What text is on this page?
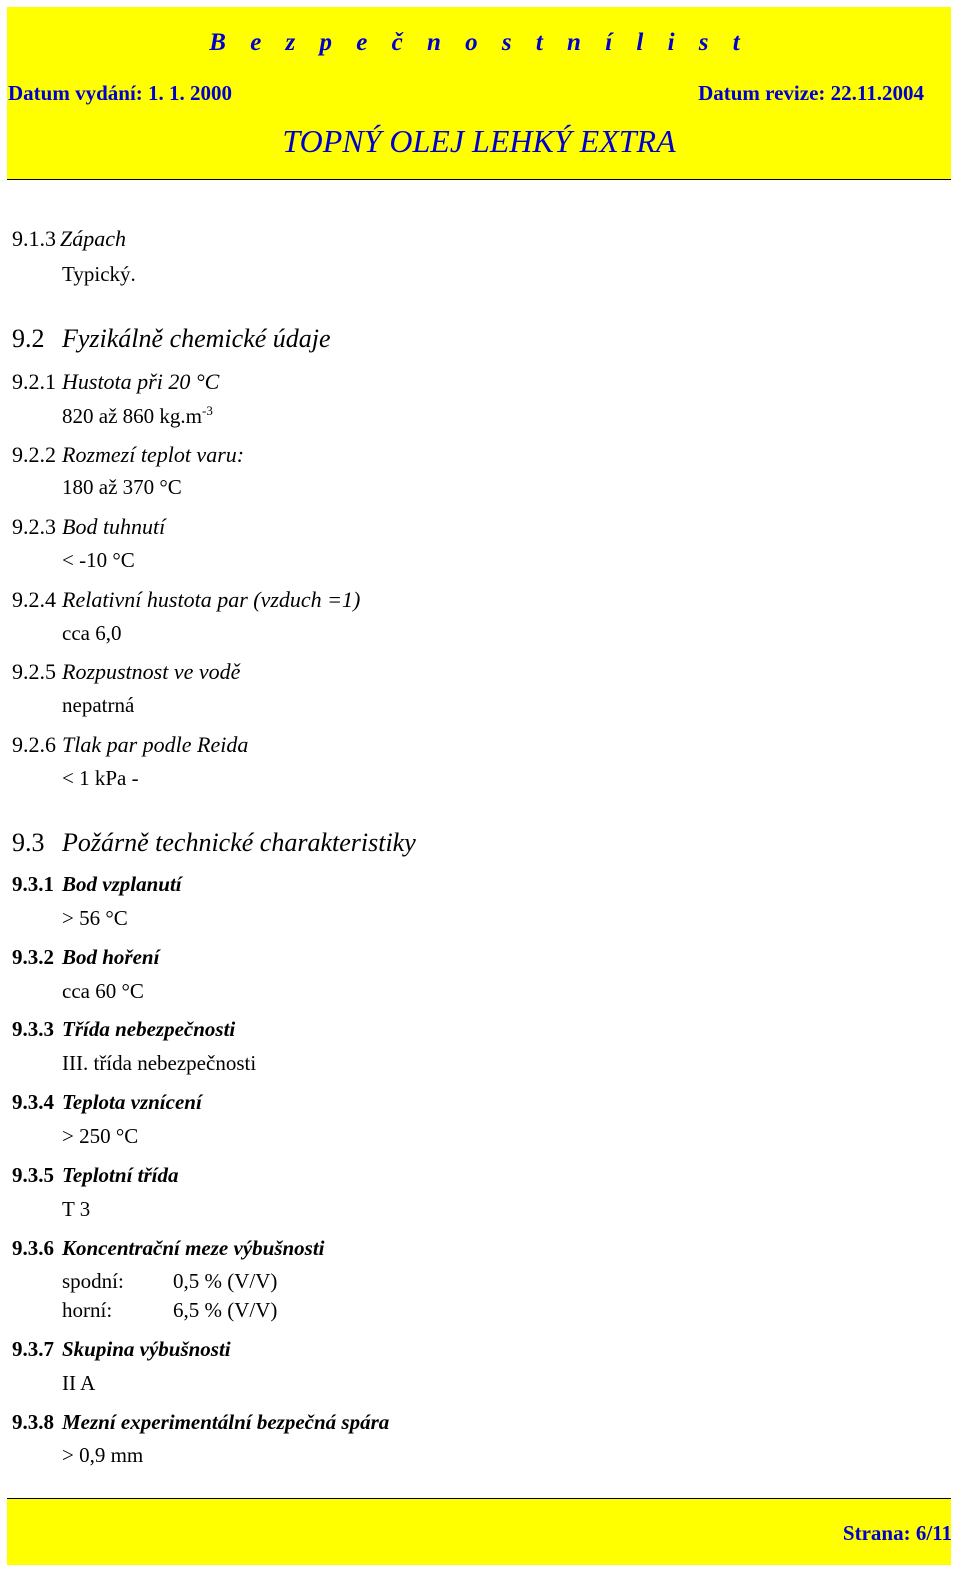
B e z p e č n o s t n í l i s t
Datum vydání: 1. 1. 2000	Datum revize: 22.11.2004
TOPNÝ OLEJ LEHKÝ EXTRA
9.1.3 Zápach
Typický.
9.2 Fyzikálně chemické údaje
9.2.1 Hustota při 20 °C
820 až 860 $kg.m^{-3}$
9.2.2 Rozmezí teplot varu:
180 až 370 °C
9.2.3 Bod tuhnutí
< -10 °C
9.2.4 Relativní hustota par (vzduch =1)
cca 6,0
9.2.5 Rozpustnost ve vodě
nepatrná
9.2.6 Tlak par podle Reida
< 1 kPa -
9.3 Požárně technické charakteristiky
9.3.1 Bod vzplanutí
> 56 °C
9.3.2 Bod hoření
cca 60 °C
9.3.3 Třída nebezpečnosti
III. třída nebezpečnosti
9.3.4 Teplota vznícení
> 250 °C
9.3.5 Teplotní třída
T 3
9.3.6 Koncentrační meze výbušnosti
spodní: 0,5 % (V/V)
horní:	6,5 % (V/V)
9.3.7 Skupina výbušnosti
II A
9.3.8 Mezní experimentální bezpečná spára
> 0,9 mm
Strana: 6/11
